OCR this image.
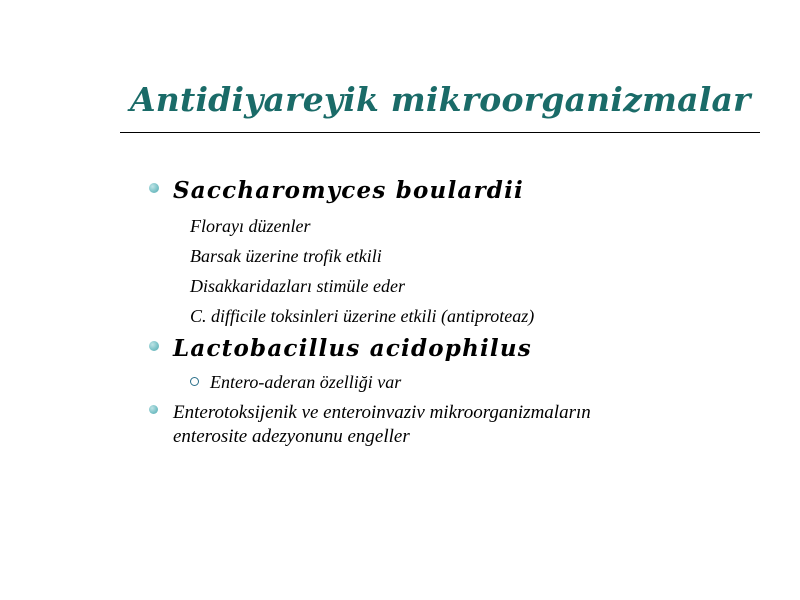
Antidiyareyik mikroorganizmalar
Saccharomyces boulardii
Florayı düzenler
Barsak üzerine trofik etkili
Disakkaridazları stimüle eder
C. difficile toksinleri üzerine etkili (antiproteaz)
Lactobacillus acidophilus
Entero-aderan özelliği var
Enterotoksijenik ve enteroinvaziv mikroorganizmaların
enterosite adezyonunu engeller
